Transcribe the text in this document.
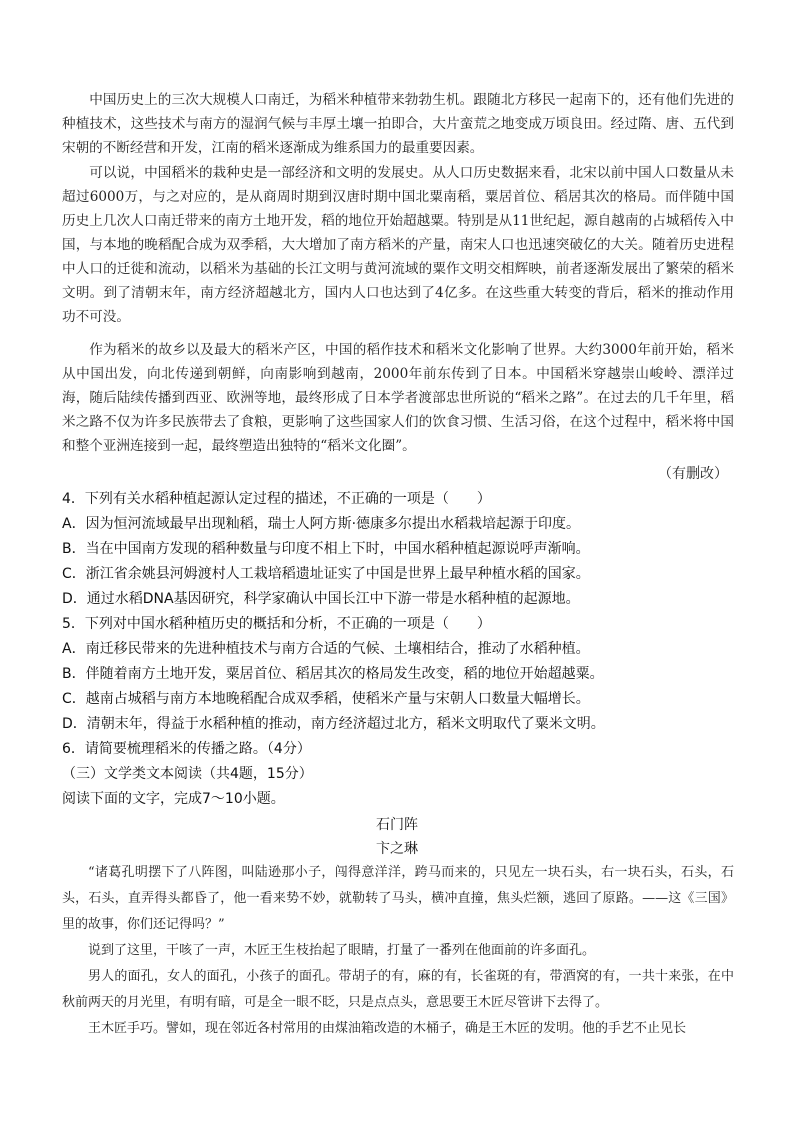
中国历史上的三次大规模人口南迁，为稻米种植带来勃勃生机。跟随北方移民一起南下的，还有他们先进的种植技术，这些技术与南方的湿润气候与丰厚土壤一拍即合，大片蛮荒之地变成万顷良田。经过隋、唐、五代到宋朝的不断经营和开发，江南的稻米逐渐成为维系国力的最重要因素。

可以说，中国稻米的栽种史是一部经济和文明的发展史。从人口历史数据来看，北宋以前中国人口数量从未超过6000万，与之对应的，是从商周时期到汉唐时期中国北粟南稻，粟居首位、稻居其次的格局。而伴随中国历史上几次人口南迁带来的南方土地开发，稻的地位开始超越粟。特别是从11世纪起，源自越南的占城稻传入中国，与本地的晚稻配合成为双季稻，大大增加了南方稻米的产量，南宋人口也迅速突破亿的大关。随着历史进程中人口的迁徙和流动，以稻米为基础的长江文明与黄河流域的粟作文明交相辉映，前者逐渐发展出了繁荣的稻米文明。到了清朝末年，南方经济超越北方，国内人口也达到了4亿多。在这些重大转变的背后，稻米的推动作用功不可没。

作为稻米的故乡以及最大的稻米产区，中国的稻作技术和稻米文化影响了世界。大约3000年前开始，稻米从中国出发，向北传递到朝鲜，向南影响到越南，2000年前东传到了日本。中国稻米穿越崇山峻岭、漂洋过海，随后陆续传播到西亚、欧洲等地，最终形成了日本学者渡部忠世所说的“稻米之路”。在过去的几千年里，稻米之路不仅为许多民族带去了食粮，更影响了这些国家人们的饮食习惯、生活习俗，在这个过程中，稻米将中国和整个亚洲连接到一起，最终塑造出独特的“稻米文化圈”。

（有删改）

4．下列有关水稻种植起源认定过程的描述，不正确的一项是（　　）

A．因为恒河流域最早出现籼稻，瑞士人阿方斯·德康多尔提出水稻栽培起源于印度。

B．当在中国南方发现的稻种数量与印度不相上下时，中国水稻种植起源说呼声渐响。

C．浙江省余姚县河姆渡村人工栽培稻遗址证实了中国是世界上最早种植水稻的国家。

D．通过水稻DNA基因研究，科学家确认中国长江中下游一带是水稻种植的起源地。

5．下列对中国水稻种植历史的概括和分析，不正确的一项是（　　）

A．南迁移民带来的先进种植技术与南方合适的气候、土壤相结合，推动了水稻种植。

B．伴随着南方土地开发，粟居首位、稻居其次的格局发生改变，稻的地位开始超越粟。

C．越南占城稻与南方本地晚稻配合成双季稻，使稻米产量与宋朝人口数量大幅增长。

D．清朝末年，得益于水稻种植的推动，南方经济超过北方，稻米文明取代了粟米文明。

6．请简要梳理稻米的传播之路。（4分）

（三）文学类文本阅读（共4题，15分）

阅读下面的文字，完成7～10小题。

石门阵

卞之琳

“诸葛孔明摆下了八阵图，叫陆逊那小子，闯得意洋洋，跨马而来的，只见左一块石头，右一块石头，石头，石头，石头，直弄得头都昏了，他一看来势不妙，就勒转了马头，横冲直撞，焦头烂额，逃回了原路。——这《三国》里的故事，你们还记得吗？”

说到了这里，干咳了一声，木匠王生枝抬起了眼睛，打量了一番列在他面前的许多面孔。

男人的面孔，女人的面孔，小孩子的面孔。带胡子的有，麻的有，长雀斑的有，带酒窝的有，一共十来张，在中秋前两天的月光里，有明有暗，可是全一眼不眨，只是点点头，意思要王木匠尽管讲下去得了。

王木匠手巧。譬如，现在邻近各村常用的由煤油箱改造的木桶子，确是王木匠的发明。他的手艺不止见长
